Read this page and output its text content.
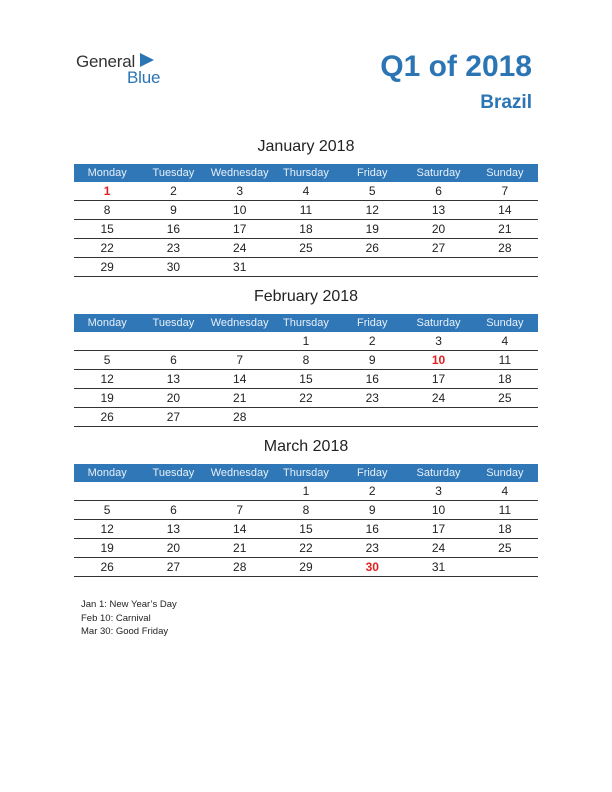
General
Blue	Q1 of 2018
Brazil
January 2018
Monday	Tuesday	Wednesday	Thursday	Friday	Saturday	Sunday
1	2	3	4	5	6	7
8	9	10	11	12	13	14
15	16	17	18	19	20	21
22	23	24	25	26	27	28
29	30	31				
February 2018
Monday	Tuesday	Wednesday	Thursday	Friday	Saturday	Sunday
			1	2	3	4
5	6	7	8	9	10	11
12	13	14	15	16	17	18
19	20	21	22	23	24	25
26	27	28				
March 2018
Monday	Tuesday	Wednesday	Thursday	Friday	Saturday	Sunday
			1	2	3	4
5	6	7	8	9	10	11
12	13	14	15	16	17	18
19	20	21	22	23	24	25
26	27	28	29	30	31	
Jan 1: New Year’s Day
Feb 10: Carnival
Mar 30: Good Friday
